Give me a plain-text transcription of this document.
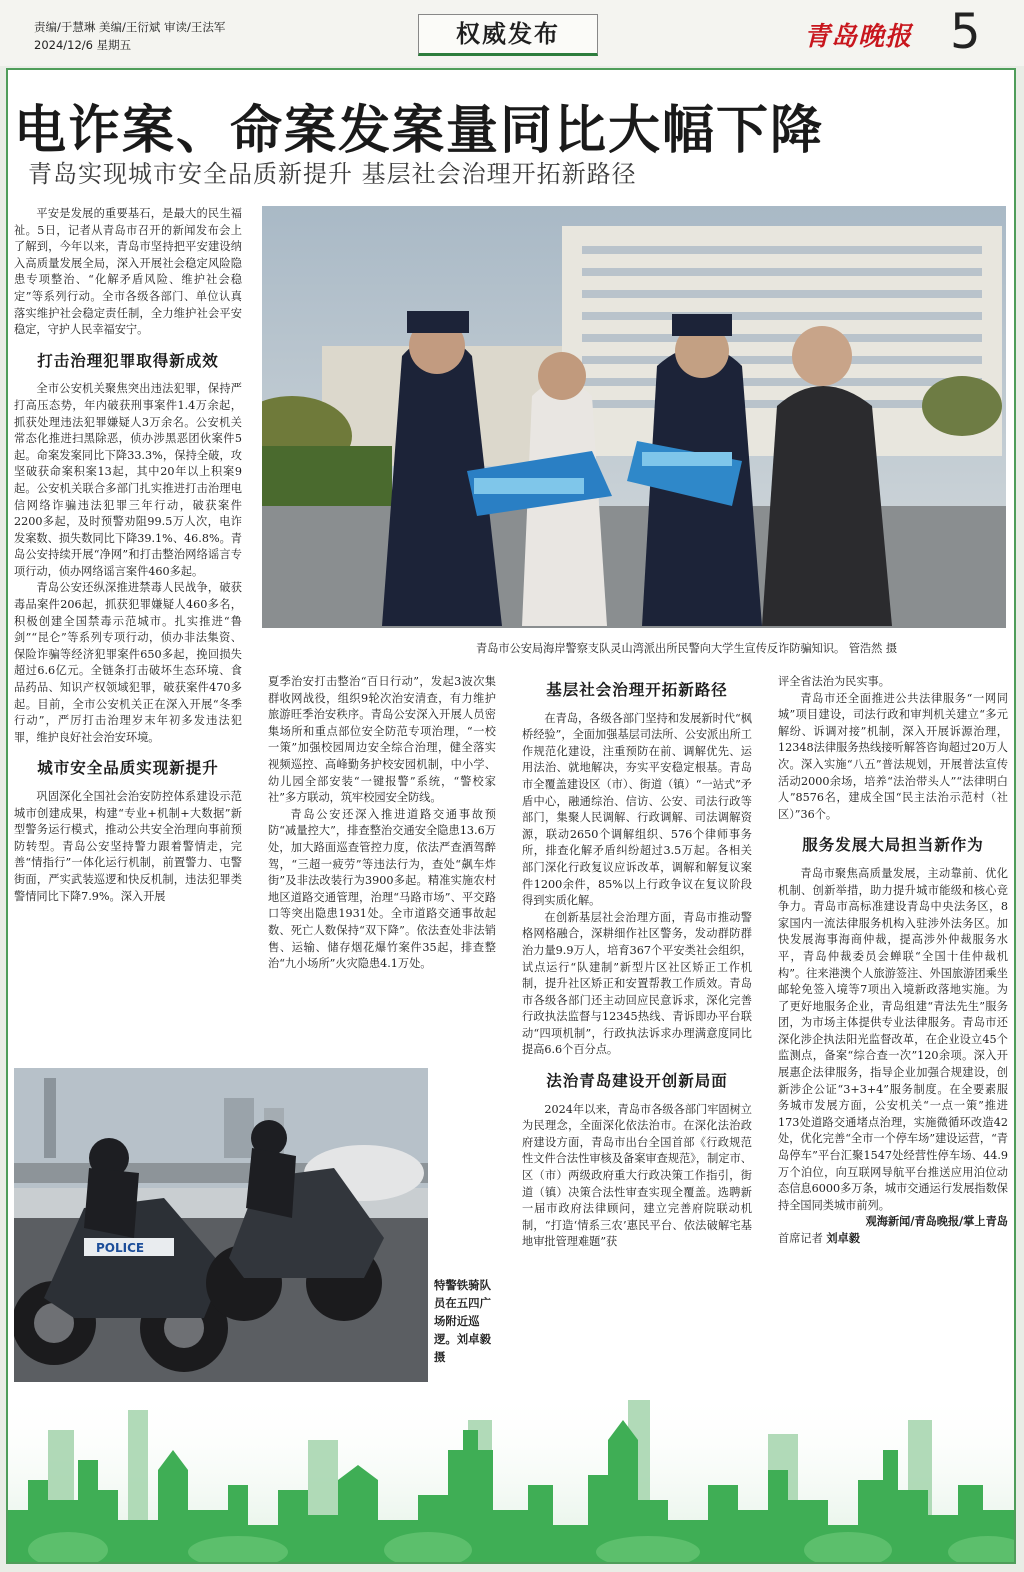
责编/于慧琳 美编/王衍斌 审读/王法军
2024/12/6 星期五	权威发布	青岛晚报 5
电诈案、命案发案量同比大幅下降
青岛实现城市安全品质新提升 基层社会治理开拓新路径

平安是发展的重要基石，是最大的民生福祉。5日，记者从青岛市召开的新闻发布会上了解到，今年以来，青岛市坚持把平安建设纳入高质量发展全局，深入开展社会稳定风险隐患专项整治、“化解矛盾风险、维护社会稳定”等系列行动。全市各级各部门、单位认真落实维护社会稳定责任制，全力维护社会平安稳定，守护人民幸福安宁。

打击治理犯罪取得新成效

全市公安机关聚焦突出违法犯罪，保持严打高压态势，年内破获刑事案件1.4万余起，抓获处理违法犯罪嫌疑人3万余名。公安机关常态化推进扫黑除恶，侦办涉黑恶团伙案件5起。命案发案同比下降33.3%，保持全破，攻坚破获命案积案13起，其中20年以上积案9起。公安机关联合多部门扎实推进打击治理电信网络诈骗违法犯罪三年行动，破获案件2200多起，及时预警劝阻99.5万人次，电诈发案数、损失数同比下降39.1%、46.8%。青岛公安持续开展“净网”和打击整治网络谣言专项行动，侦办网络谣言案件460多起。

青岛公安还纵深推进禁毒人民战争，破获毒品案件206起，抓获犯罪嫌疑人460多名，积极创建全国禁毒示范城市。扎实推进“鲁剑”“昆仑”等系列专项行动，侦办非法集资、保险诈骗等经济犯罪案件650多起，挽回损失超过6.6亿元。全链条打击破坏生态环境、食品药品、知识产权领域犯罪，破获案件470多起。目前，全市公安机关正在深入开展“冬季行动”，严厉打击治理岁末年初多发违法犯罪，维护良好社会治安环境。

城市安全品质实现新提升

巩固深化全国社会治安防控体系建设示范城市创建成果，构建“专业+机制+大数据”新型警务运行模式，推动公共安全治理向事前预防转型。青岛公安坚持警力跟着警情走，完善“情指行”一体化运行机制，前置警力、屯警街面，严实武装巡逻和快反机制，违法犯罪类警情同比下降7.9%。深入开展

青岛市公安局海岸警察支队灵山湾派出所民警向大学生宣传反诈防骗知识。 管浩然 摄

夏季治安打击整治“百日行动”，发起3波次集群收网战役，组织9轮次治安清查，有力维护旅游旺季治安秩序。青岛公安深入开展人员密集场所和重点部位安全防范专项治理，“一校一策”加强校园周边安全综合治理，健全落实视频巡控、高峰勤务护校安园机制，中小学、幼儿园全部安装“一键报警”系统，“警校家社”多方联动，筑牢校园安全防线。

青岛公安还深入推进道路交通事故预防“减量控大”，排查整治交通安全隐患13.6万处，加大路面巡查管控力度，依法严查酒驾醉驾，“三超一疲劳”等违法行为，查处“飙车炸街”及非法改装行为3900多起。精准实施农村地区道路交通管理，治理“马路市场”、平交路口等突出隐患1931处。全市道路交通事故起数、死亡人数保持“双下降”。依法查处非法销售、运输、储存烟花爆竹案件35起，排查整治“九小场所”火灾隐患4.1万处。

基层社会治理开拓新路径

在青岛，各级各部门坚持和发展新时代“枫桥经验”，全面加强基层司法所、公安派出所工作规范化建设，注重预防在前、调解优先、运用法治、就地解决，夯实平安稳定根基。青岛市全覆盖建设区（市）、街道（镇）“一站式”矛盾中心，融通综治、信访、公安、司法行政等部门，集聚人民调解、行政调解、司法调解资源，联动2650个调解组织、576个律师事务所，排查化解矛盾纠纷超过3.5万起。各相关部门深化行政复议应诉改革，调解和解复议案件1200余件，85%以上行政争议在复议阶段得到实质化解。

在创新基层社会治理方面，青岛市推动警格网格融合，深耕细作社区警务，发动群防群治力量9.9万人，培育367个平安类社会组织，试点运行“队建制”新型片区社区矫正工作机制，提升社区矫正和安置帮教工作质效。青岛市各级各部门还主动回应民意诉求，深化完善行政执法监督与12345热线、青诉即办平台联动“四项机制”，行政执法诉求办理满意度同比提高6.6个百分点。

法治青岛建设开创新局面

2024年以来，青岛市各级各部门牢固树立为民理念，全面深化依法治市。在深化法治政府建设方面，青岛市出台全国首部《行政规范性文件合法性审核及备案审查规范》，制定市、区（市）两级政府重大行政决策工作指引，街道（镇）决策合法性审查实现全覆盖。选聘新一届市政府法律顾问，建立完善府院联动机制，“打造‘情系三农’惠民平台、依法破解宅基地审批管理难题”获

评全省法治为民实事。

青岛市还全面推进公共法律服务“一网同城”项目建设，司法行政和审判机关建立“多元解纷、诉调对接”机制，深入开展诉源治理，12348法律服务热线接听解答咨询超过20万人次。深入实施“八五”普法规划，开展普法宣传活动2000余场，培养“法治带头人”“法律明白人”8576名，建成全国“民主法治示范村（社区）”36个。

服务发展大局担当新作为

青岛市聚焦高质量发展，主动靠前、优化机制、创新举措，助力提升城市能级和核心竞争力。青岛市高标准建设青岛中央法务区，8家国内一流法律服务机构入驻涉外法务区。加快发展海事海商仲裁，提高涉外仲裁服务水平，青岛仲裁委员会蝉联“全国十佳仲裁机构”。往来港澳个人旅游签注、外国旅游团乘坐邮轮免签入境等7项出入境新政落地实施。为了更好地服务企业，青岛组建“青法先生”服务团，为市场主体提供专业法律服务。青岛市还深化涉企执法阳光监督改革，在企业设立45个监测点，备案“综合查一次”120余项。深入开展惠企法律服务，指导企业加强合规建设，创新涉企公证“3+3+4”服务制度。在全要素服务城市发展方面，公安机关“一点一策”推进173处道路交通堵点治理，实施微循环改造42处，优化完善“全市一个停车场”建设运营，“青岛停车”平台汇聚1547处经营性停车场、44.9万个泊位，向互联网导航平台推送应用泊位动态信息6000多万条，城市交通运行发展指数保持全国同类城市前列。

观海新闻/青岛晚报/掌上青岛

首席记者 刘卓毅

POLICE
特警铁骑队员在五四广场附近巡逻。刘卓毅 摄
